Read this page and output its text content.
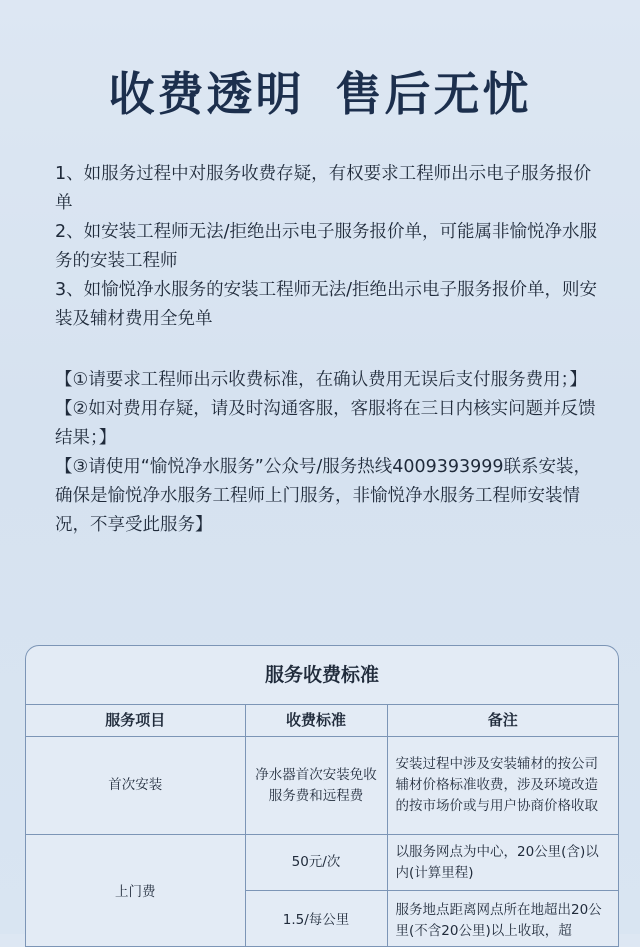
收费透明 售后无忧
1、如服务过程中对服务收费存疑，有权要求工程师出示电子服务报价单
2、如安装工程师无法/拒绝出示电子服务报价单，可能属非愉悦净水服务的安装工程师
3、如愉悦净水服务的安装工程师无法/拒绝出示电子服务报价单，则安装及辅材费用全免单
【①请要求工程师出示收费标准，在确认费用无误后支付服务费用；】
【②如对费用存疑，请及时沟通客服，客服将在三日内核实问题并反馈结果；】
【③请使用“愉悦净水服务”公众号/服务热线4009393999联系安装，
确保是愉悦净水服务工程师上门服务，非愉悦净水服务工程师安装情况，不享受此服务】
服务收费标准
服务项目	收费标准	备注
首次安装	净水器首次安装免收服务费和远程费	安装过程中涉及安装辅材的按公司辅材价格标准收费，涉及环境改造的按市场价或与用户协商价格收取
上门费	50元/次	以服务网点为中心，20公里(含)以内(计算里程)
	1.5/每公里	服务地点距离网点所在地超出20公里(不含20公里)以上收取，超
